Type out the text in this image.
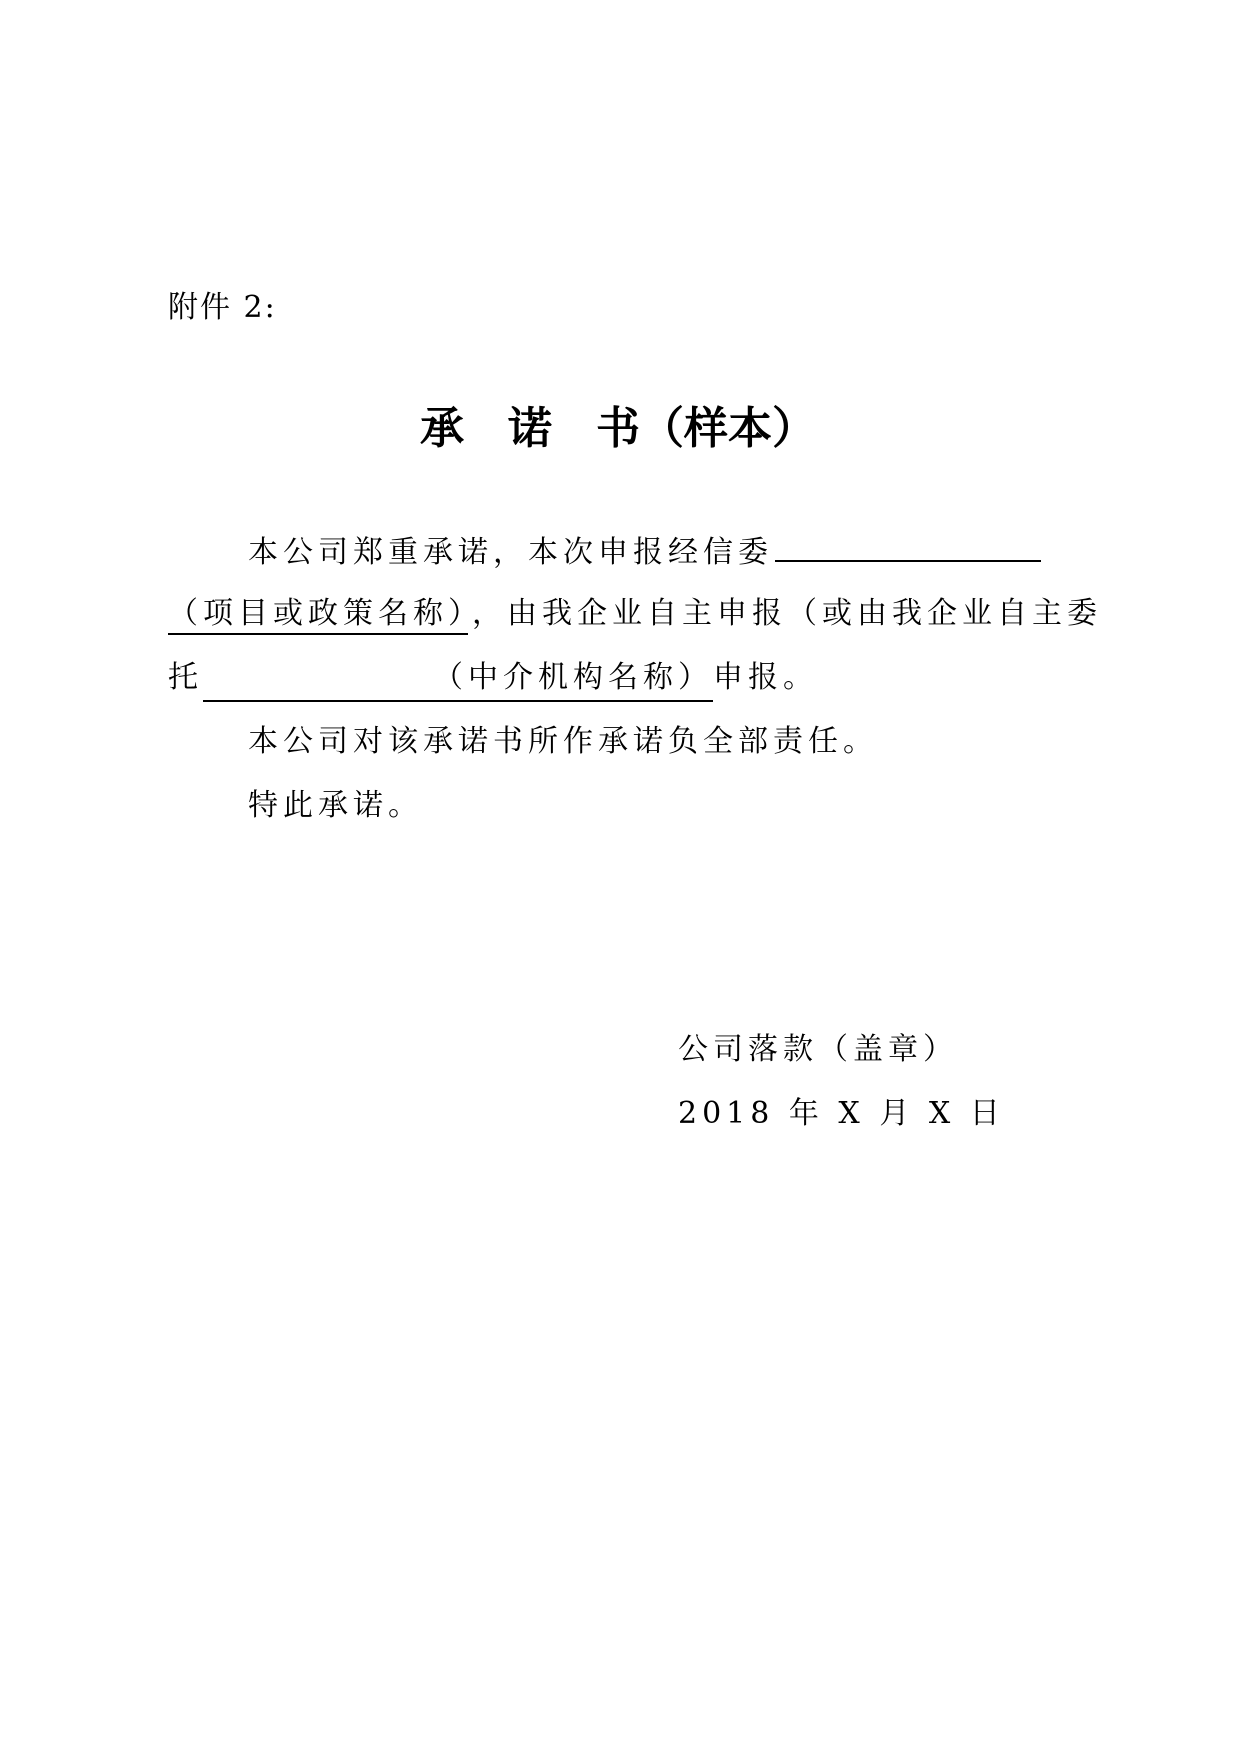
附件 2:
承 诺 书（样本）
本公司郑重承诺，本次申报经信委
（项目或政策名称） ，由我企业自主申报（或由我企业自主委
托	（中介机构名称）申报。
本公司对该承诺书所作承诺负全部责任。
特此承诺。
公司落款（盖章）
2018 年 X 月 X 日
